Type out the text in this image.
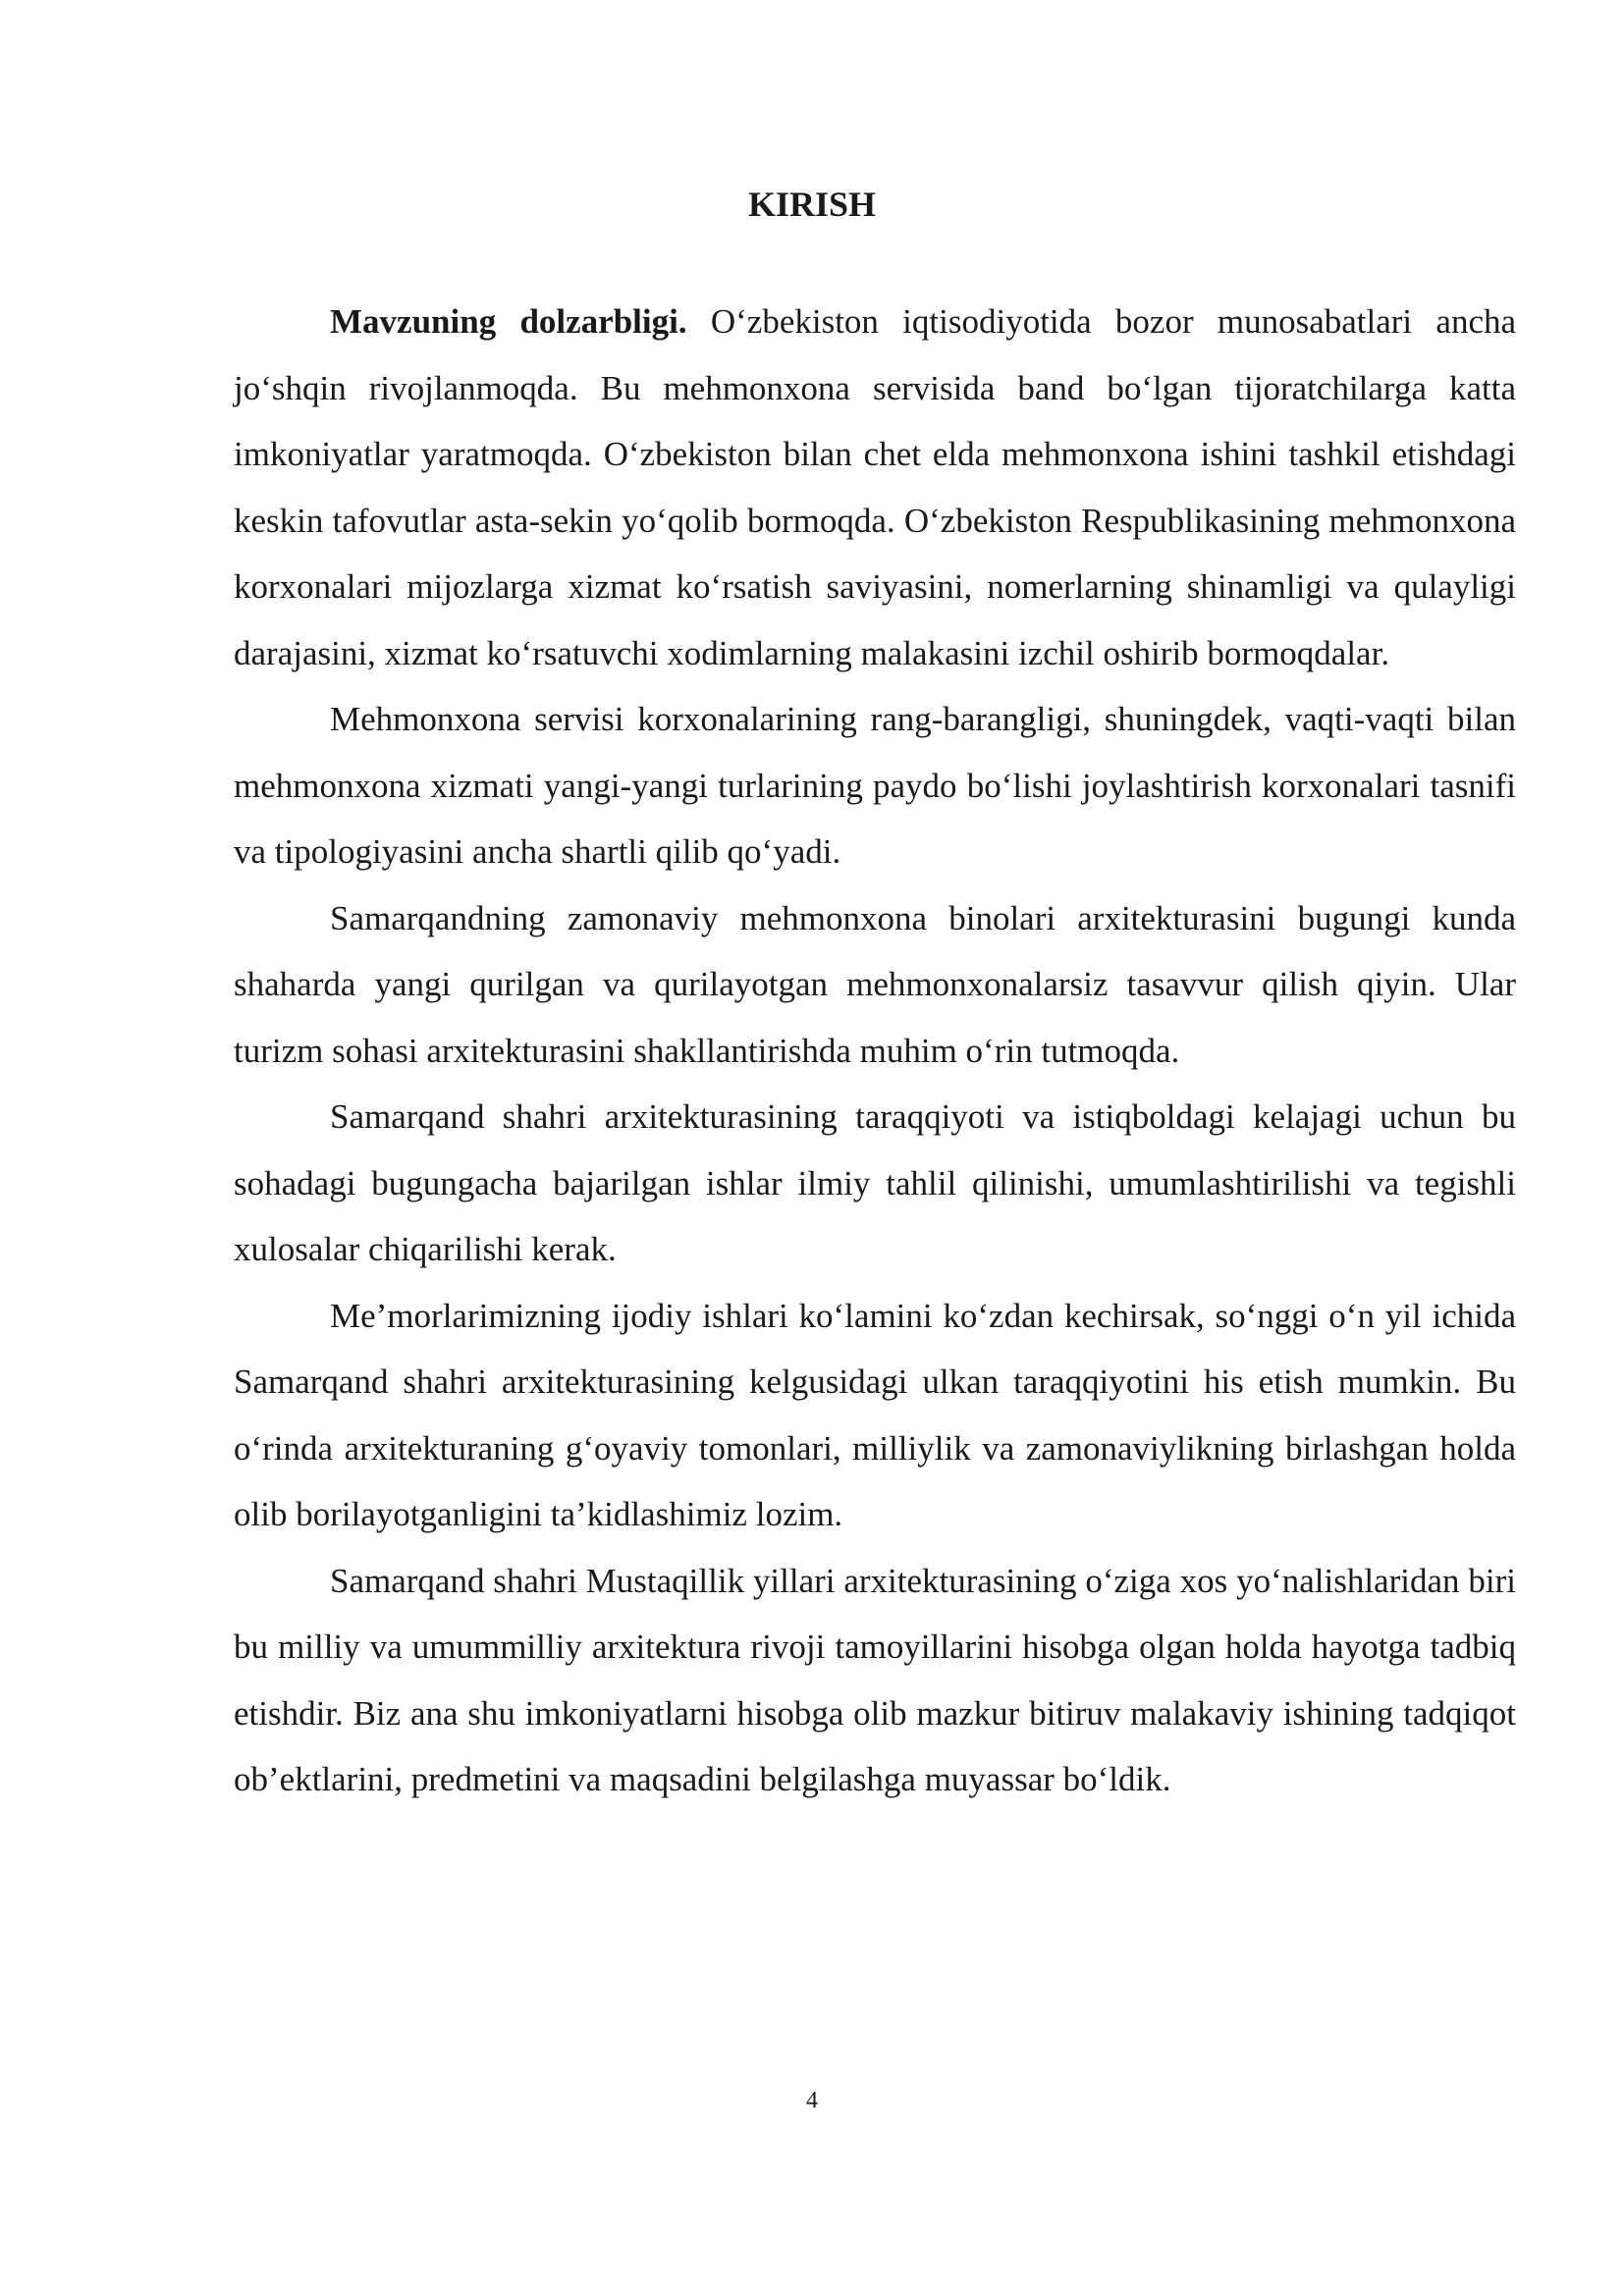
KIRISH

Mavzuning dolzarbligi. O‘zbekiston iqtisodiyotida bozor munosabatlari ancha jo‘shqin rivojlanmoqda. Bu mehmonxona servisida band bo‘lgan tijoratchilarga katta imkoniyatlar yaratmoqda. O‘zbekiston bilan chet elda mehmonxona ishini tashkil etishdagi keskin tafovutlar asta-sekin yo‘qolib bormoqda. O‘zbekiston Respublikasining mehmonxona korxonalari mijozlarga xizmat ko‘rsatish saviyasini, nomerlarning shinamligi va qulayligi darajasini, xizmat ko‘rsatuvchi xodimlarning malakasini izchil oshirib bormoqdalar.

Mehmonxona servisi korxonalarining rang-barangligi, shuningdek, vaqti-vaqti bilan mehmonxona xizmati yangi-yangi turlarining paydo bo‘lishi joylashtirish korxonalari tasnifi va tipologiyasini ancha shartli qilib qo‘yadi.

Samarqandning zamonaviy mehmonxona binolari arxitekturasini bugungi kunda shaharda yangi qurilgan va qurilayotgan mehmonxonalarsiz tasavvur qilish qiyin. Ular turizm sohasi arxitekturasini shakllantirishda muhim o‘rin tutmoqda.

Samarqand shahri arxitekturasining taraqqiyoti va istiqboldagi kelajagi uchun bu sohadagi bugungacha bajarilgan ishlar ilmiy tahlil qilinishi, umumlashtirilishi va tegishli xulosalar chiqarilishi kerak.

Me’morlarimizning ijodiy ishlari ko‘lamini ko‘zdan kechirsak, so‘nggi o‘n yil ichida Samarqand shahri arxitekturasining kelgusidagi ulkan taraqqiyotini his etish mumkin. Bu o‘rinda arxitekturaning g‘oyaviy tomonlari, milliylik va zamonaviylikning birlashgan holda olib borilayotganligini ta’kidlashimiz lozim.

Samarqand shahri Mustaqillik yillari arxitekturasining o‘ziga xos yo‘nalishlaridan biri bu milliy va umummilliy arxitektura rivoji tamoyillarini hisobga olgan holda hayotga tadbiq etishdir. Biz ana shu imkoniyatlarni hisobga olib mazkur bitiruv malakaviy ishining tadqiqot ob’ektlarini, predmetini va maqsadini belgilashga muyassar bo‘ldik.

4
